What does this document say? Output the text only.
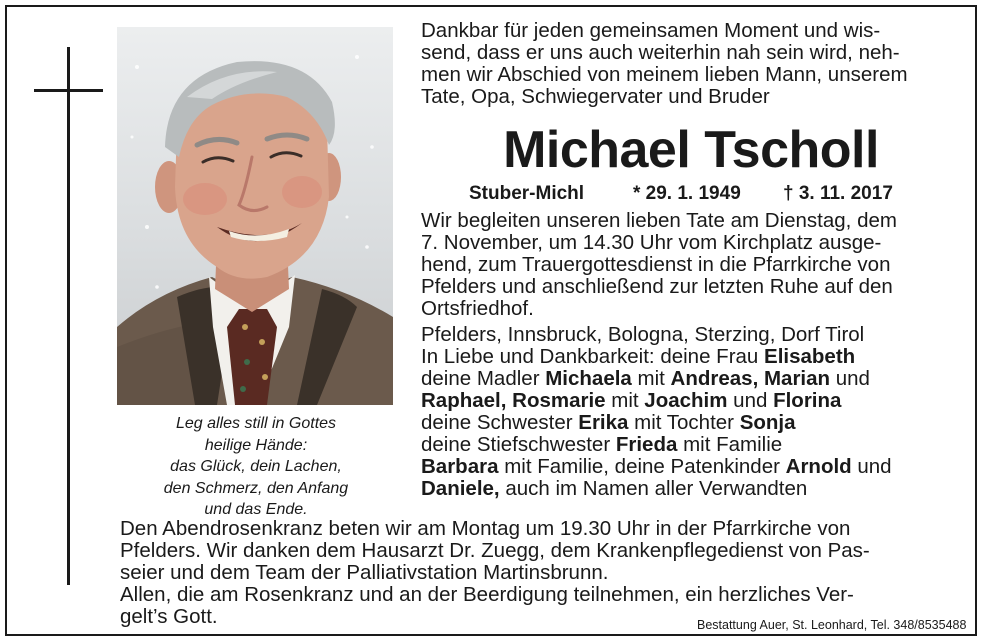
Leg alles still in Gottes
heilige Hände:
das Glück, dein Lachen,
den Schmerz, den Anfang
und das Ende.
Dankbar für jeden gemeinsamen Moment und wis-
send, dass er uns auch weiterhin nah sein wird, neh-
men wir Abschied von meinem lieben Mann, unserem
Tate, Opa, Schwiegervater und Bruder
Michael Tscholl
Stuber-Michl	* 29. 1. 1949 † 3. 11. 2017
Wir begleiten unseren lieben Tate am Dienstag, dem
7. November, um 14.30 Uhr vom Kirchplatz ausge-
hend, zum Trauergottesdienst in die Pfarrkirche von
Pfelders und anschließend zur letzten Ruhe auf den
Ortsfriedhof.
Pfelders, Innsbruck, Bologna, Sterzing, Dorf Tirol
In Liebe und Dankbarkeit: deine Frau Elisabeth
deine Madler Michaela mit Andreas, Marian und
Raphael, Rosmarie mit Joachim und Florina
deine Schwester Erika mit Tochter Sonja
deine Stiefschwester Frieda mit Familie
Barbara mit Familie, deine Patenkinder Arnold und
Daniele, auch im Namen aller Verwandten
Den Abendrosenkranz beten wir am Montag um 19.30 Uhr in der Pfarrkirche von
Pfelders. Wir danken dem Hausarzt Dr. Zuegg, dem Krankenpflegedienst von Pas-
seier und dem Team der Palliativstation Martinsbrunn.
Allen, die am Rosenkranz und an der Beerdigung teilnehmen, ein herzliches Ver-
gelt’s Gott.	Bestattung Auer, St. Leonhard, Tel. 348/8535488
